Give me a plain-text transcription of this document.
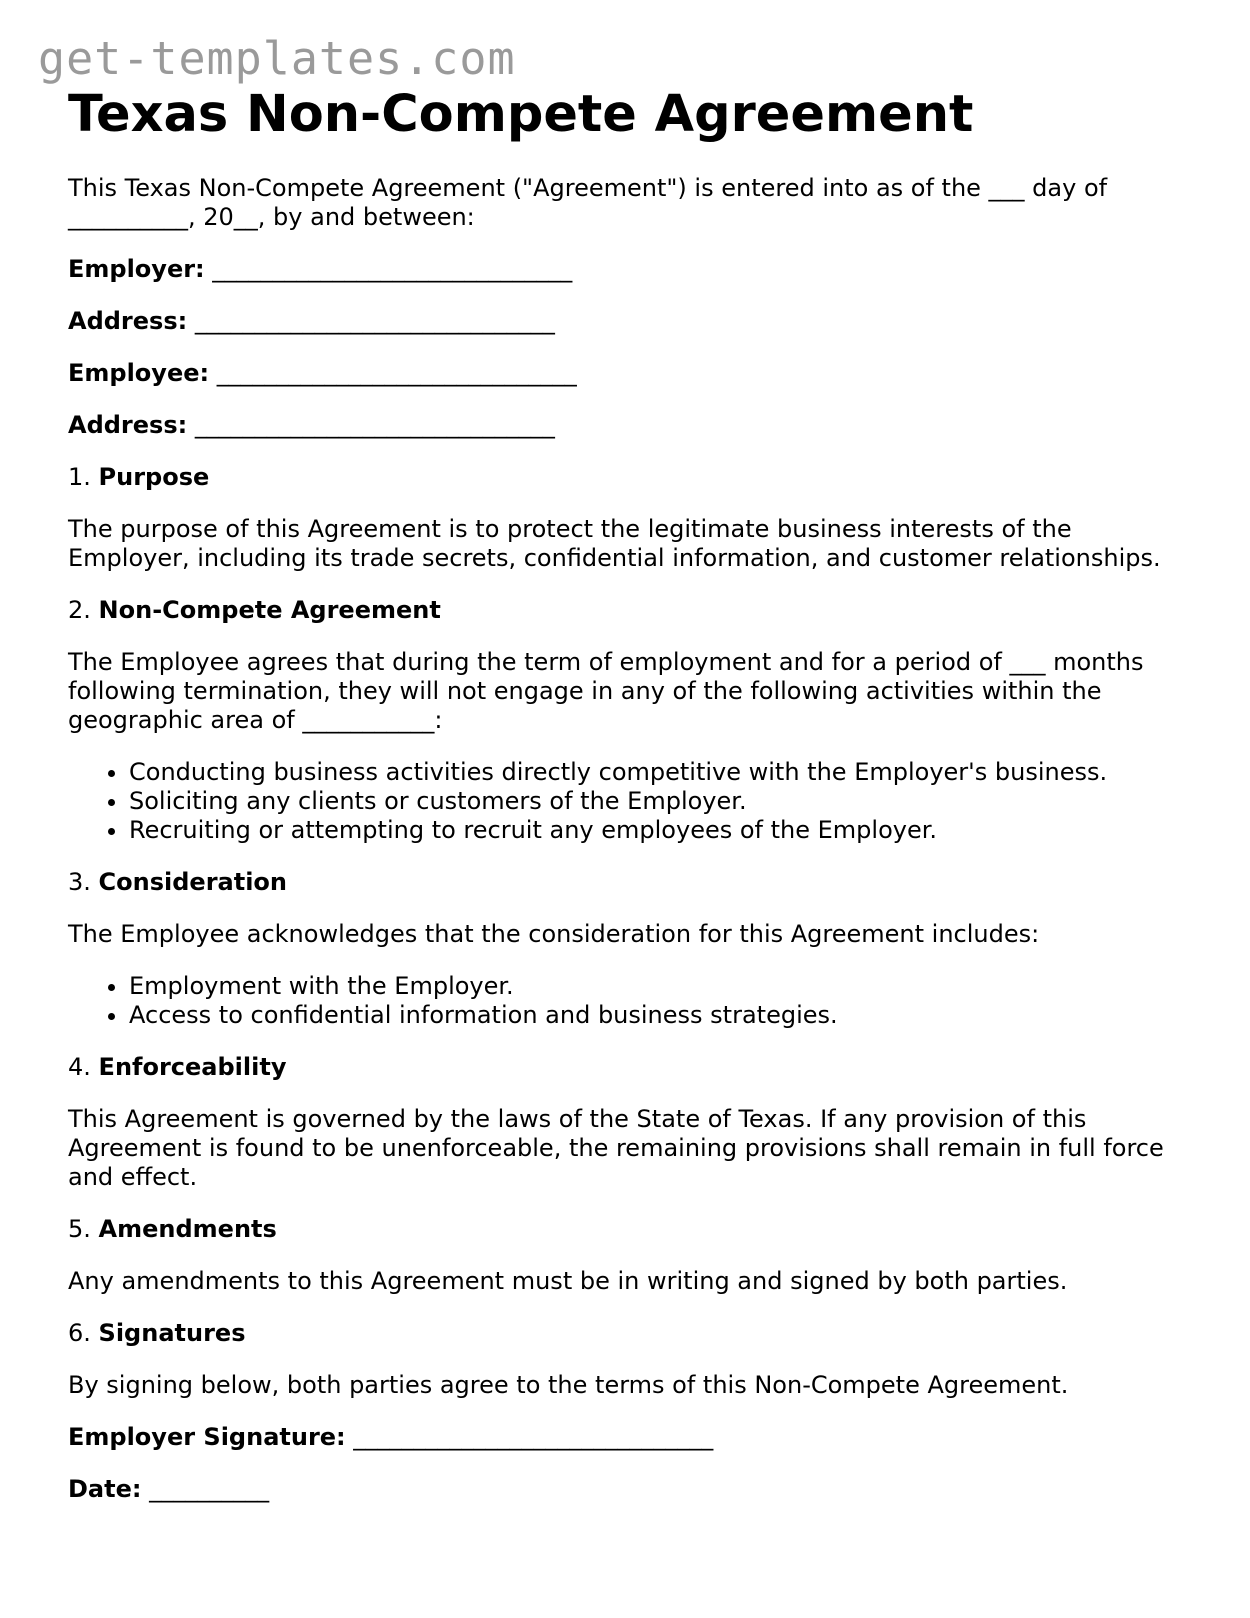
get-templates.com
Texas Non-Compete Agreement

This Texas Non-Compete Agreement ("Agreement") is entered into as of the ___ day of __________, 20__, by and between:

Employer: ______________________________
Address: ______________________________
Employee: ______________________________
Address: ______________________________
1. Purpose

The purpose of this Agreement is to protect the legitimate business interests of the Employer, including its trade secrets, confidential information, and customer relationships.

2. Non-Compete Agreement

The Employee agrees that during the term of employment and for a period of ___ months following termination, they will not engage in any of the following activities within the geographic area of ___________:

• Conducting business activities directly competitive with the Employer's business.
• Soliciting any clients or customers of the Employer.
• Recruiting or attempting to recruit any employees of the Employer.
3. Consideration

The Employee acknowledges that the consideration for this Agreement includes:

• Employment with the Employer.
• Access to confidential information and business strategies.
4. Enforceability

This Agreement is governed by the laws of the State of Texas. If any provision of this Agreement is found to be unenforceable, the remaining provisions shall remain in full force and effect.

5. Amendments

Any amendments to this Agreement must be in writing and signed by both parties.

6. Signatures

By signing below, both parties agree to the terms of this Non-Compete Agreement.

Employer Signature: ______________________________
Date: __________
